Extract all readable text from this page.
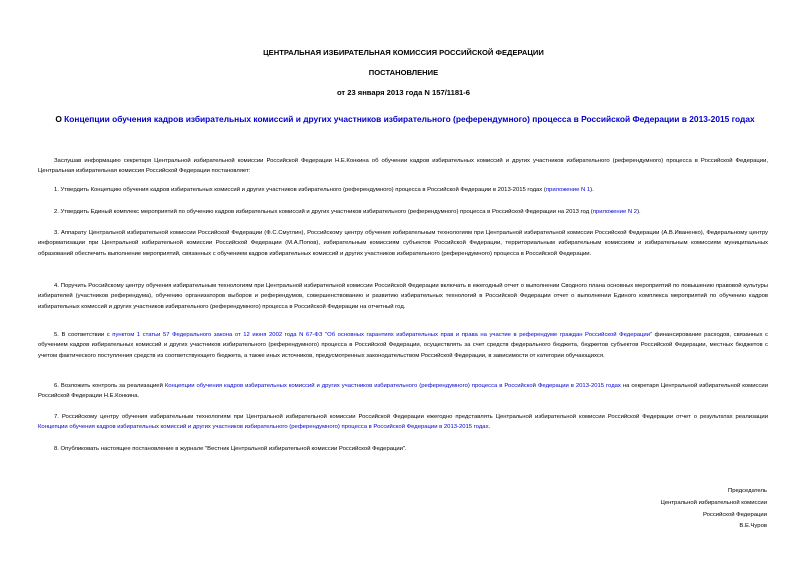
ЦЕНТРАЛЬНАЯ ИЗБИРАТЕЛЬНАЯ КОМИССИЯ РОССИЙСКОЙ ФЕДЕРАЦИИ
ПОСТАНОВЛЕНИЕ
от 23 января 2013 года N 157/1181-6
О Концепции обучения кадров избирательных комиссий и других участников избирательного (референдумного) процесса в Российской Федерации в 2013-2015 годах
Заслушав информацию секретаря Центральной избирательной комиссии Российской Федерации Н.Е.Конкина об обучении кадров избирательных комиссий и других участников избирательного (референдумного) процесса в Российской Федерации, Центральная избирательная комиссия Российской Федерации постановляет:
1. Утвердить Концепцию обучения кадров избирательных комиссий и других участников избирательного (референдумного) процесса в Российской Федерации в 2013-2015 годах (приложение N 1).
2. Утвердить Единый комплекс мероприятий по обучению кадров избирательных комиссий и других участников избирательного (референдумного) процесса в Российской Федерации на 2013 год (приложение N 2).
3. Аппарату Центральной избирательной комиссии Российской Федерации (Ф.С.Смуглин), Российскому центру обучения избирательным технологиям при Центральной избирательной комиссии Российской Федерации (А.В.Иваненко), Федеральному центру информатизации при Центральной избирательной комиссии Российской Федерации (М.А.Попов), избирательным комиссиям субъектов Российской Федерации, территориальным избирательным комиссиям и избирательным комиссиям муниципальных образований обеспечить выполнение мероприятий, связанных с обучением кадров избирательных комиссий и других участников избирательного (референдумного) процесса в Российской Федерации.
4. Поручить Российскому центру обучения избирательным технологиям при Центральной избирательной комиссии Российской Федерации включать в ежегодный отчет о выполнении Сводного плана основных мероприятий по повышению правовой культуры избирателей (участников референдума), обучению организаторов выборов и референдумов, совершенствованию и развитию избирательных технологий в Российской Федерации отчет о выполнении Единого комплекса мероприятий по обучению кадров избирательных комиссий и других участников избирательного (референдумного) процесса в Российской Федерации на отчетный год.
5. В соответствии с пунктом 1 статьи 57 Федерального закона от 12 июня 2002 года N 67-ФЗ "Об основных гарантиях избирательных прав и права на участие в референдуме граждан Российской Федерации" финансирование расходов, связанных с обучением кадров избирательных комиссий и других участников избирательного (референдумного) процесса в Российской Федерации, осуществлять за счет средств федерального бюджета, бюджетов субъектов Российской Федерации, местных бюджетов с учетом фактического поступления средств из соответствующего бюджета, а также иных источников, предусмотренных законодательством Российской Федерации, в зависимости от категории обучающихся.
6. Возложить контроль за реализацией Концепции обучения кадров избирательных комиссий и других участников избирательного (референдумного) процесса в Российской Федерации в 2013-2015 годах на секретаря Центральной избирательной комиссии Российской Федерации Н.Е.Конкина.
7. Российскому центру обучения избирательным технологиям при Центральной избирательной комиссии Российской Федерации ежегодно представлять Центральной избирательной комиссии Российской Федерации отчет о результатах реализации Концепции обучения кадров избирательных комиссий и других участников избирательного (референдумного) процесса в Российской Федерации в 2013-2015 годах.
8. Опубликовать настоящее постановление в журнале "Вестник Центральной избирательной комиссии Российской Федерации".
Председатель
Центральной избирательной комиссии
Российской Федерации
В.Е.Чуров
